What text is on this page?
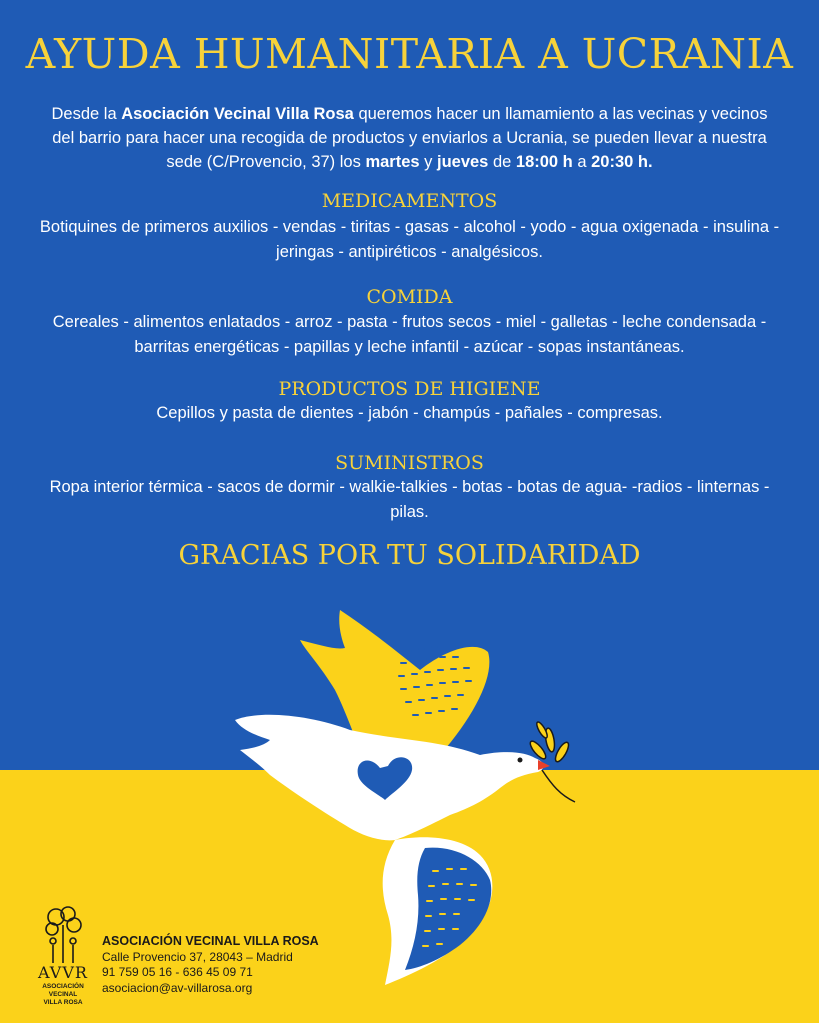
AYUDA HUMANITARIA A UCRANIA
Desde la Asociación Vecinal Villa Rosa queremos hacer un llamamiento a las vecinas y vecinos del barrio para hacer una recogida de productos y enviarlos a Ucrania, se pueden llevar a nuestra sede (C/Provencio, 37) los martes y jueves de 18:00 h a 20:30 h.
MEDICAMENTOS
Botiquines de primeros auxilios - vendas - tiritas - gasas - alcohol - yodo - agua oxigenada - insulina - jeringas - antipiréticos - analgésicos.
COMIDA
Cereales - alimentos enlatados - arroz - pasta - frutos secos - miel - galletas - leche condensada - barritas energéticas - papillas y leche infantil - azúcar - sopas instantáneas.
PRODUCTOS DE HIGIENE
Cepillos y pasta de dientes - jabón - champús - pañales - compresas.
SUMINISTROS
Ropa interior térmica - sacos de dormir - walkie-talkies - botas - botas de agua- -radios - linternas - pilas.
GRACIAS POR TU SOLIDARIDAD
AVVR
ASOCIACIÓN VECINAL
VILLA ROSA
ASOCIACIÓN VECINAL VILLA ROSA
Calle Provencio 37, 28043 – Madrid
91 759 05 16 - 636 45 09 71
asociacion@av-villarosa.org
